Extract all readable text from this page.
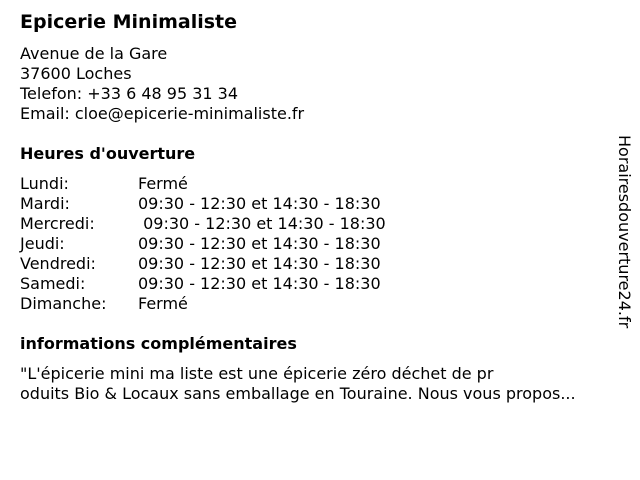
Epicerie Minimaliste
Avenue de la Gare
37600 Loches
Telefon: +33 6 48 95 31 34
Email: cloe@epicerie-minimaliste.fr
Heures d'ouverture
Lundi:	Fermé
Mardi:	09:30 - 12:30 et 14:30 - 18:30
Mercredi:	09:30 - 12:30 et 14:30 - 18:30
Jeudi:	09:30 - 12:30 et 14:30 - 18:30
Vendredi:	09:30 - 12:30 et 14:30 - 18:30
Samedi:	09:30 - 12:30 et 14:30 - 18:30
Dimanche: Fermé
informations complémentaires
"L'épicerie mini ma liste est une épicerie zéro déchet de pr
oduits Bio & Locaux sans emballage en Touraine. Nous vous propos...
Horairesdouverture24.fr
